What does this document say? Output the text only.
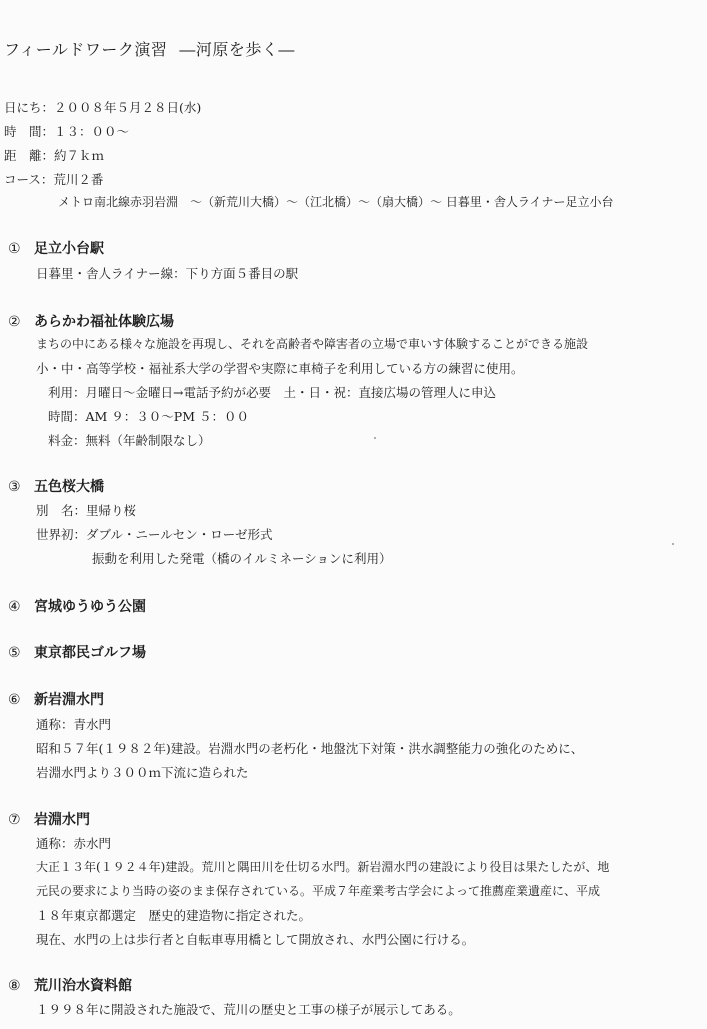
フィールドワーク演習 ―河原を歩く―
日にち：２００８年５月２８日(水)
時　間：１３：００～
距　離：約７ｋｍ
コース：荒川２番
メトロ南北線赤羽岩淵　～（新荒川大橋）～（江北橋）～（扇大橋）～ 日暮里・舎人ライナー足立小台
① 足立小台駅
日暮里・舎人ライナー線：下り方面５番目の駅
② あらかわ福祉体験広場
まちの中にある様々な施設を再現し、それを高齢者や障害者の立場で車いす体験することができる施設
小・中・高等学校・福祉系大学の学習や実際に車椅子を利用している方の練習に使用。
利用：月曜日～金曜日→電話予約が必要　土・日・祝：直接広場の管理人に申込
時間：AM ９：３０～PM ５：００
料金：無料（年齢制限なし）
③ 五色桜大橋
別　名：里帰り桜
世界初：ダブル・ニールセン・ローゼ形式
振動を利用した発電（橋のイルミネーションに利用）
④ 宮城ゆうゆう公園
⑤ 東京都民ゴルフ場
⑥ 新岩淵水門
通称：青水門
昭和５７年(１９８２年)建設。岩淵水門の老朽化・地盤沈下対策・洪水調整能力の強化のために、
岩淵水門より３００ｍ下流に造られた
⑦ 岩淵水門
通称：赤水門
大正１３年(１９２４年)建設。荒川と隅田川を仕切る水門。新岩淵水門の建設により役目は果たしたが、地
元民の要求により当時の姿のまま保存されている。平成７年産業考古学会によって推薦産業遺産に、平成
１８年東京都選定　歴史的建造物に指定された。
現在、水門の上は歩行者と自転車専用橋として開放され、水門公園に行ける。
⑧ 荒川治水資料館
１９９８年に開設された施設で、荒川の歴史と工事の様子が展示してある。
